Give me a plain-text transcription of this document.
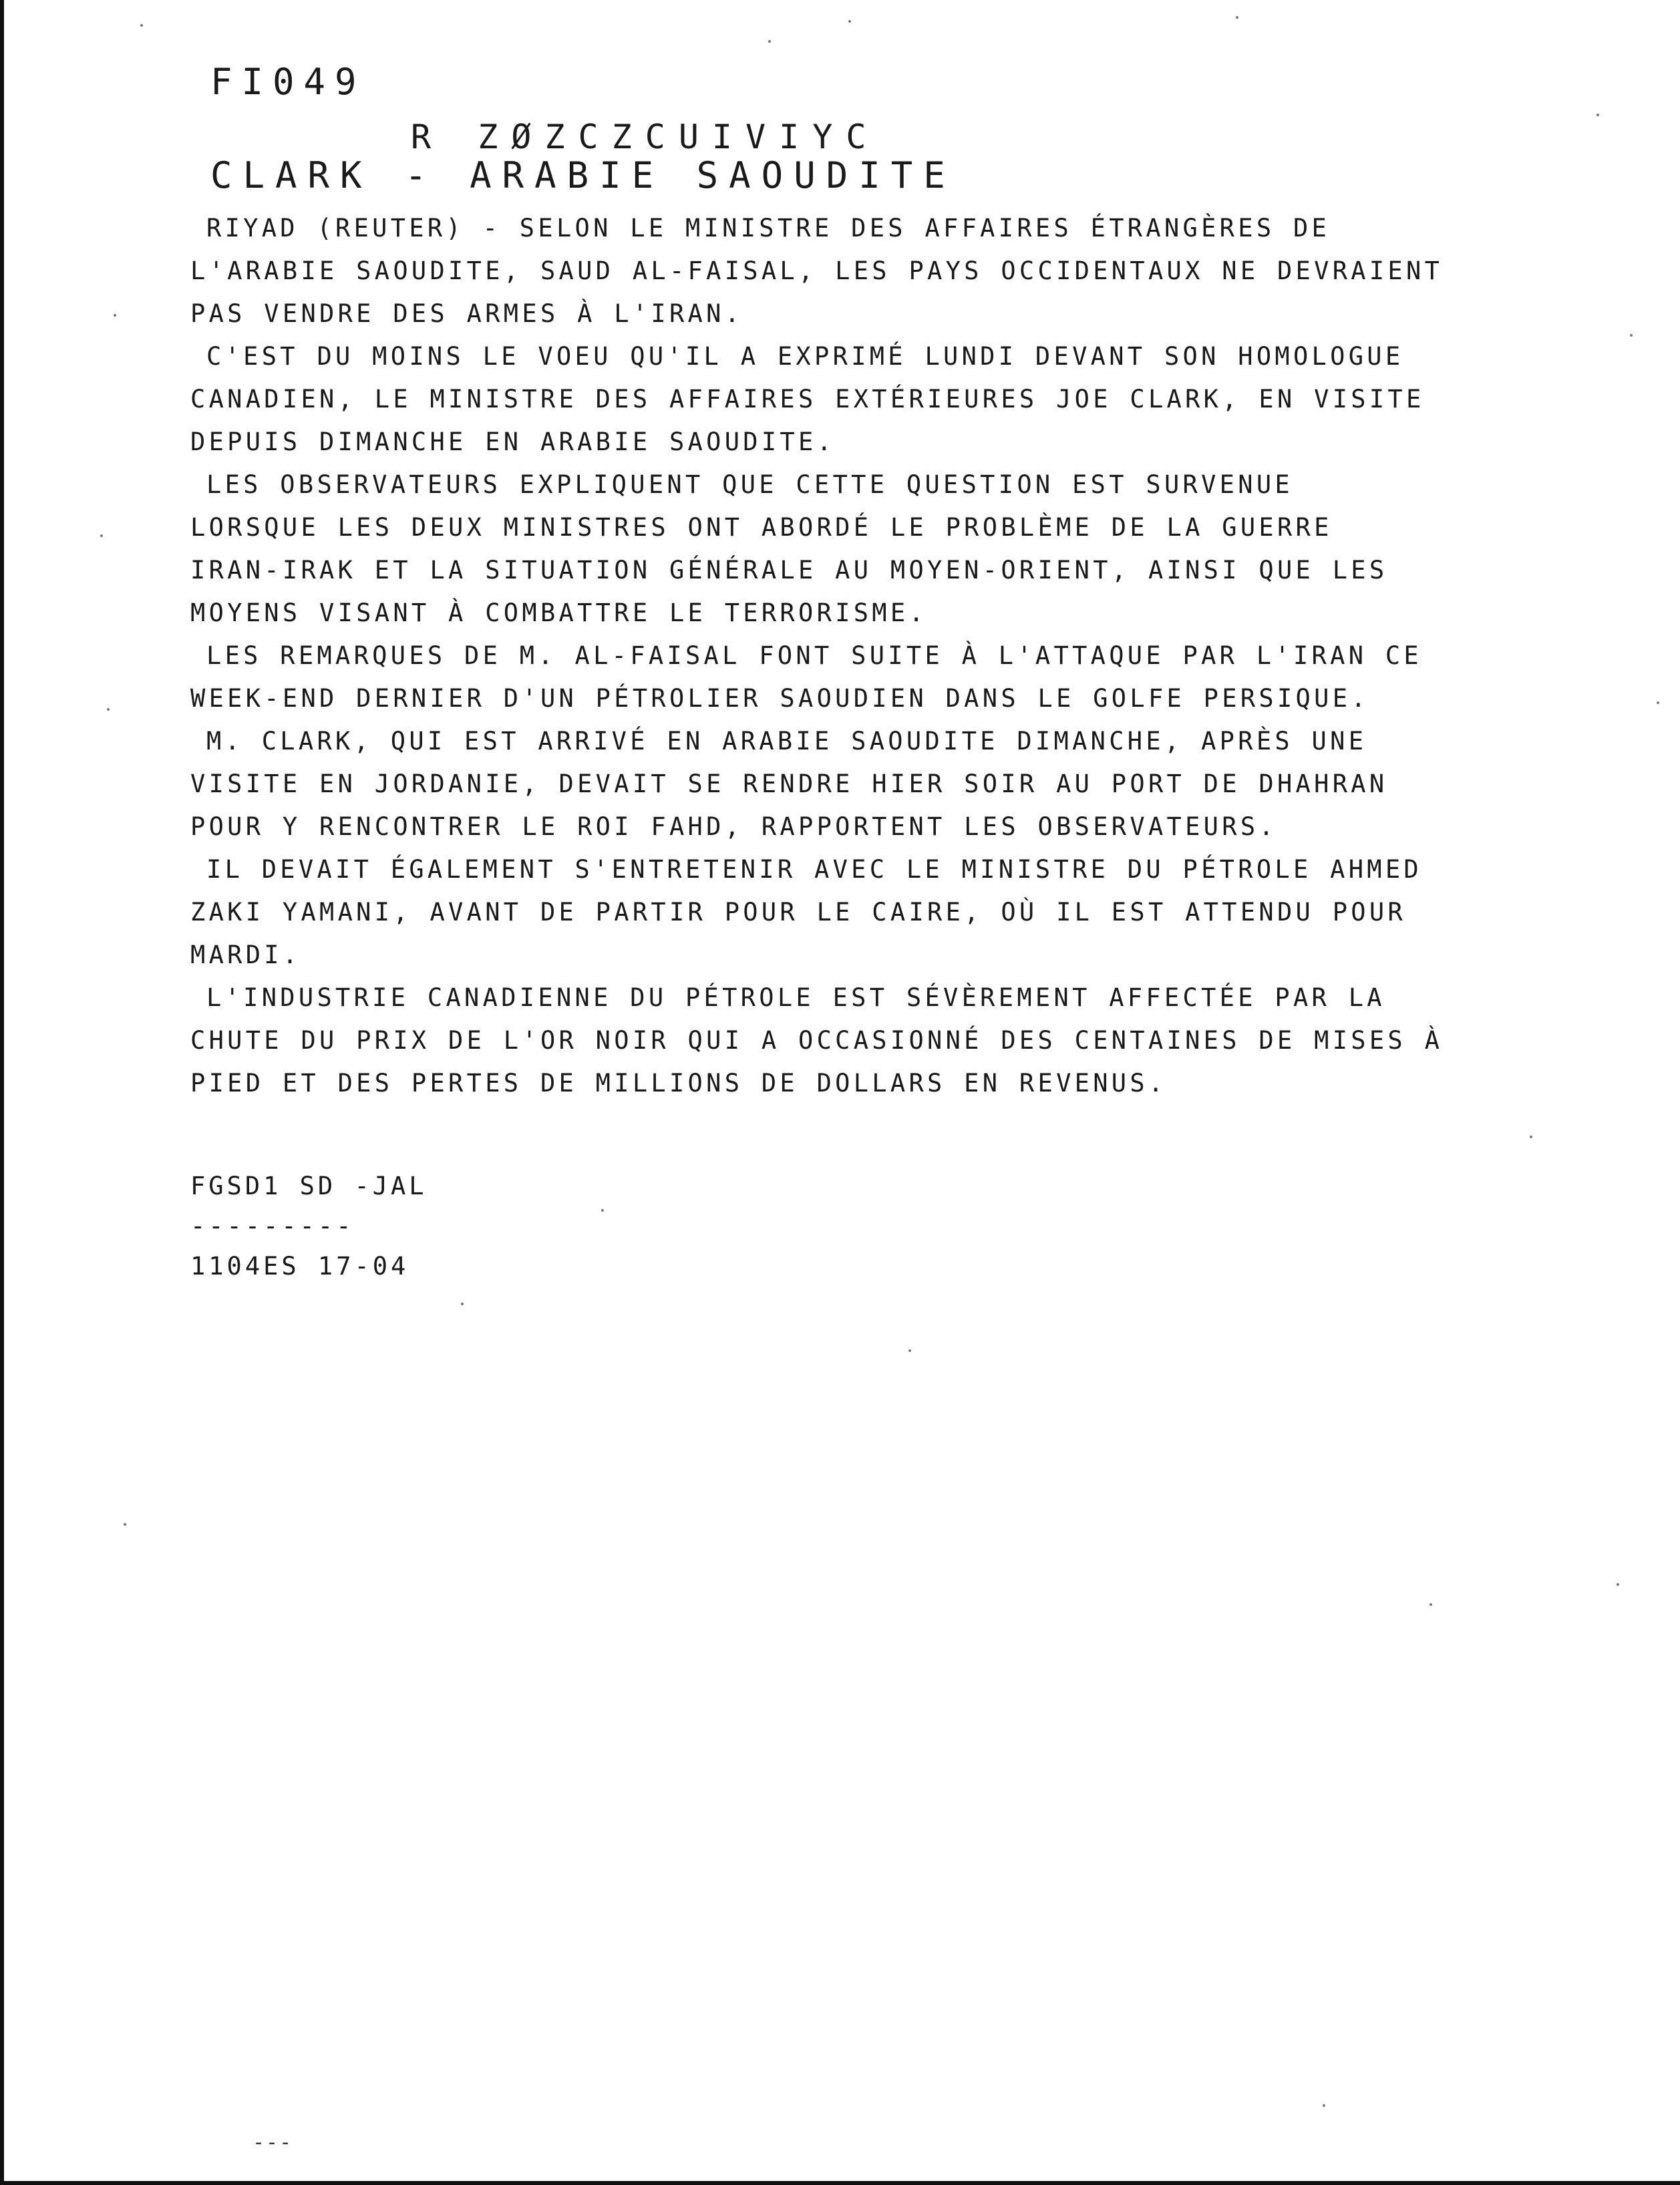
FI049
R ZØZCZCUIVIYC
CLARK - ARABIE SAOUDITE
RIYAD (REUTER) - SELON LE MINISTRE DES AFFAIRES ÉTRANGÈRES DE
L'ARABIE SAOUDITE, SAUD AL-FAISAL, LES PAYS OCCIDENTAUX NE DEVRAIENT
PAS VENDRE DES ARMES À L'IRAN.
C'EST DU MOINS LE VOEU QU'IL A EXPRIMÉ LUNDI DEVANT SON HOMOLOGUE
CANADIEN, LE MINISTRE DES AFFAIRES EXTÉRIEURES JOE CLARK, EN VISITE
DEPUIS DIMANCHE EN ARABIE SAOUDITE.
LES OBSERVATEURS EXPLIQUENT QUE CETTE QUESTION EST SURVENUE
LORSQUE LES DEUX MINISTRES ONT ABORDÉ LE PROBLÈME DE LA GUERRE
IRAN-IRAK ET LA SITUATION GÉNÉRALE AU MOYEN-ORIENT, AINSI QUE LES
MOYENS VISANT À COMBATTRE LE TERRORISME.
LES REMARQUES DE M. AL-FAISAL FONT SUITE À L'ATTAQUE PAR L'IRAN CE
WEEK-END DERNIER D'UN PÉTROLIER SAOUDIEN DANS LE GOLFE PERSIQUE.
M. CLARK, QUI EST ARRIVÉ EN ARABIE SAOUDITE DIMANCHE, APRÈS UNE
VISITE EN JORDANIE, DEVAIT SE RENDRE HIER SOIR AU PORT DE DHAHRAN
POUR Y RENCONTRER LE ROI FAHD, RAPPORTENT LES OBSERVATEURS.
IL DEVAIT ÉGALEMENT S'ENTRETENIR AVEC LE MINISTRE DU PÉTROLE AHMED
ZAKI YAMANI, AVANT DE PARTIR POUR LE CAIRE, OÙ IL EST ATTENDU POUR
MARDI.
L'INDUSTRIE CANADIENNE DU PÉTROLE EST SÉVÈREMENT AFFECTÉE PAR LA
CHUTE DU PRIX DE L'OR NOIR QUI A OCCASIONNÉ DES CENTAINES DE MISES À
PIED ET DES PERTES DE MILLIONS DE DOLLARS EN REVENUS.
FGSD1 SD -JAL
---------
1104ES 17-04
---
